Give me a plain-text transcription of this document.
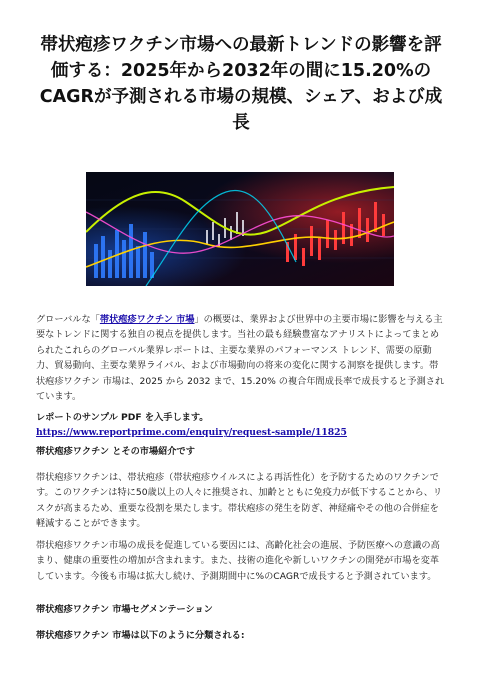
帯状疱疹ワクチン市場への最新トレンドの影響を評価する：2025年から2032年の間に15.20%のCAGRが予測される市場の規模、シェア、および成長

グローバルな「帯状疱疹ワクチン 市場」の概要は、業界および世界中の主要市場に影響を与える主要なトレンドに関する独自の視点を提供します。当社の最も経験豊富なアナリストによってまとめられたこれらのグローバル業界レポートは、主要な業界のパフォーマンス トレンド、需要の原動力、貿易動向、主要な業界ライバル、および市場動向の将来の変化に関する洞察を提供します。帯状疱疹ワクチン 市場は、2025 から 2032 まで、15.20% の複合年間成長率で成長すると予測されています。

レポートのサンプル PDF を入手します。 https://www.reportprime.com/enquiry/request-sample/11825

帯状疱疹ワクチン とその市場紹介です

帯状疱疹ワクチンは、帯状疱疹（帯状疱疹ウイルスによる再活性化）を予防するためのワクチンです。このワクチンは特に50歳以上の人々に推奨され、加齢とともに免疫力が低下することから、リスクが高まるため、重要な役割を果たします。帯状疱疹の発生を防ぎ、神経痛やその他の合併症を軽減することができます。

帯状疱疹ワクチン市場の成長を促進している要因には、高齢化社会の進展、予防医療への意識の高まり、健康の重要性の増加が含まれます。また、技術の進化や新しいワクチンの開発が市場を変革しています。今後も市場は拡大し続け、予測期間中に%のCAGRで成長すると予測されています。

帯状疱疹ワクチン 市場セグメンテーション

帯状疱疹ワクチン 市場は以下のように分類される:
